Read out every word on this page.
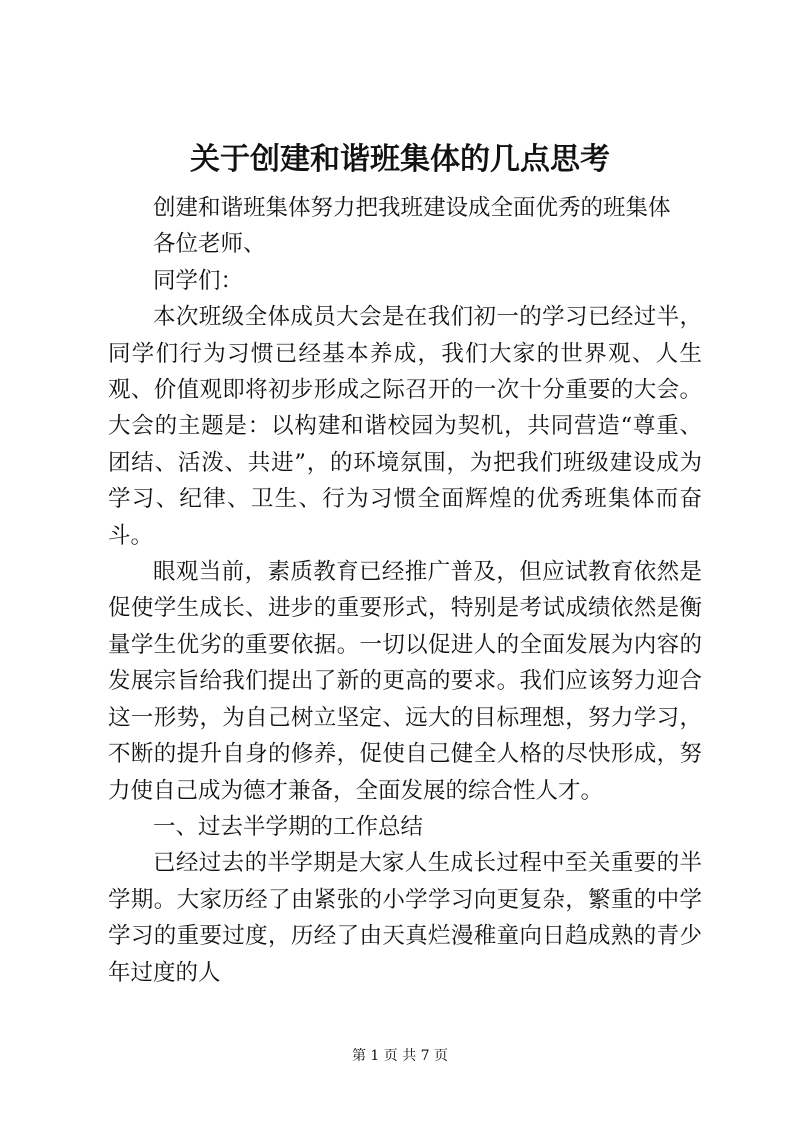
关于创建和谐班集体的几点思考

创建和谐班集体努力把我班建设成全面优秀的班集体

各位老师、

同学们：

本次班级全体成员大会是在我们初一的学习已经过半，同学们行为习惯已经基本养成，我们大家的世界观、人生观、价值观即将初步形成之际召开的一次十分重要的大会。大会的主题是：以构建和谐校园为契机，共同营造“尊重、团结、活泼、共进”，的环境氛围，为把我们班级建设成为学习、纪律、卫生、行为习惯全面辉煌的优秀班集体而奋斗。

眼观当前，素质教育已经推广普及，但应试教育依然是促使学生成长、进步的重要形式，特别是考试成绩依然是衡量学生优劣的重要依据。一切以促进人的全面发展为内容的发展宗旨给我们提出了新的更高的要求。我们应该努力迎合这一形势，为自己树立坚定、远大的目标理想，努力学习，不断的提升自身的修养，促使自己健全人格的尽快形成，努力使自己成为德才兼备，全面发展的综合性人才。

一、过去半学期的工作总结

已经过去的半学期是大家人生成长过程中至关重要的半学期。大家历经了由紧张的小学学习向更复杂，繁重的中学学习的重要过度，历经了由天真烂漫稚童向日趋成熟的青少年过度的人

第 1 页 共 7 页
